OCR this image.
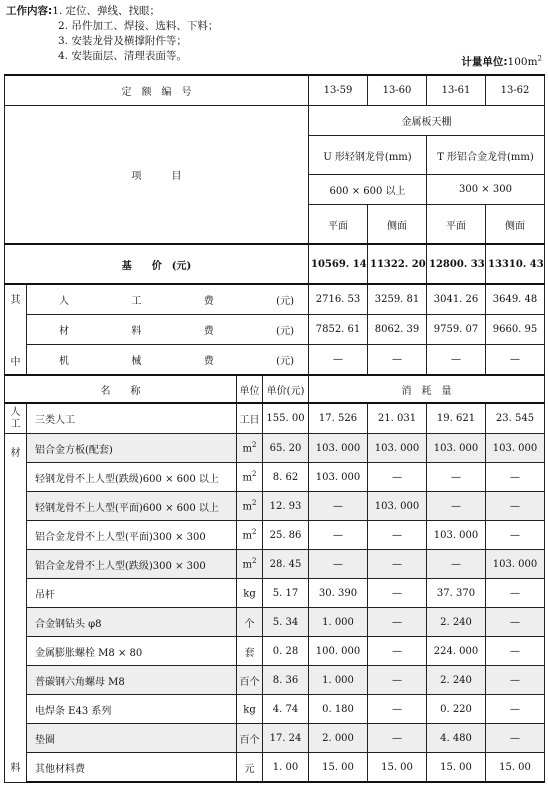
工作内容: 1. 定位、弹线、找眼；
2. 吊件加工、焊接、选料、下料；
3. 安装龙骨及横撑附件等；
4. 安装面层、清理表面等。	计量单位$:100m^2$
定　额　编　号				13-59	13-60	13-61	13-62
项　　　目				金属板天棚			
				U 形轻钢龙骨(mm)		T 形铝合金龙骨(mm)	
				600 × 600 以上		300 × 300	
				平面	侧面	平面	侧面
基　　价　(元)				10569. 14	11322. 20	12800. 33	13310. 43

其
中	人 工 费 (元)			2716. 53	3259. 81	3041. 26	3649. 48

	材 料 费 (元)			7852. 61	8062. 39	9759. 07	9660. 95

	机 械 费 (元)			—	—	—	—
名　　称		单位	单价(元)	消　耗　量			
人
工	三类人工	工日	155. 00	17. 526	21. 031	19. 621	23. 545

材
料	铝合金方板(配套)	$m^2$	65. 20	103. 000	103. 000	103. 000	103. 000
	轻钢龙骨不上人型(跌级)600 × 600 以上	$m^2$	8. 62	103. 000	—	—	—
	轻钢龙骨不上人型(平面)600 × 600 以上	$m^2$	12. 93	—	103. 000	—	—
	铝合金龙骨不上人型(平面)300 × 300	$m^2$	25. 86	—	—	103. 000	—
	铝合金龙骨不上人型(跌级)300 × 300	$m^2$	28. 45	—	—	—	103. 000
	吊杆	kg	5. 17	30. 390	—	37. 370	—
	合金钢钻头 φ8	个	5. 34	1. 000	—	2. 240	—
	金属膨胀螺栓 M8 × 80	套	0. 28	100. 000	—	224. 000	—
	普碳钢六角螺母 M8	百个	8. 36	1. 000	—	2. 240	—
	电焊条 E43 系列	kg	4. 74	0. 180	—	0. 220	—
	垫圈	百个	17. 24	2. 000	—	4. 480	—
	其他材料费	元	1. 00	15. 00	15. 00	15. 00	15. 00
